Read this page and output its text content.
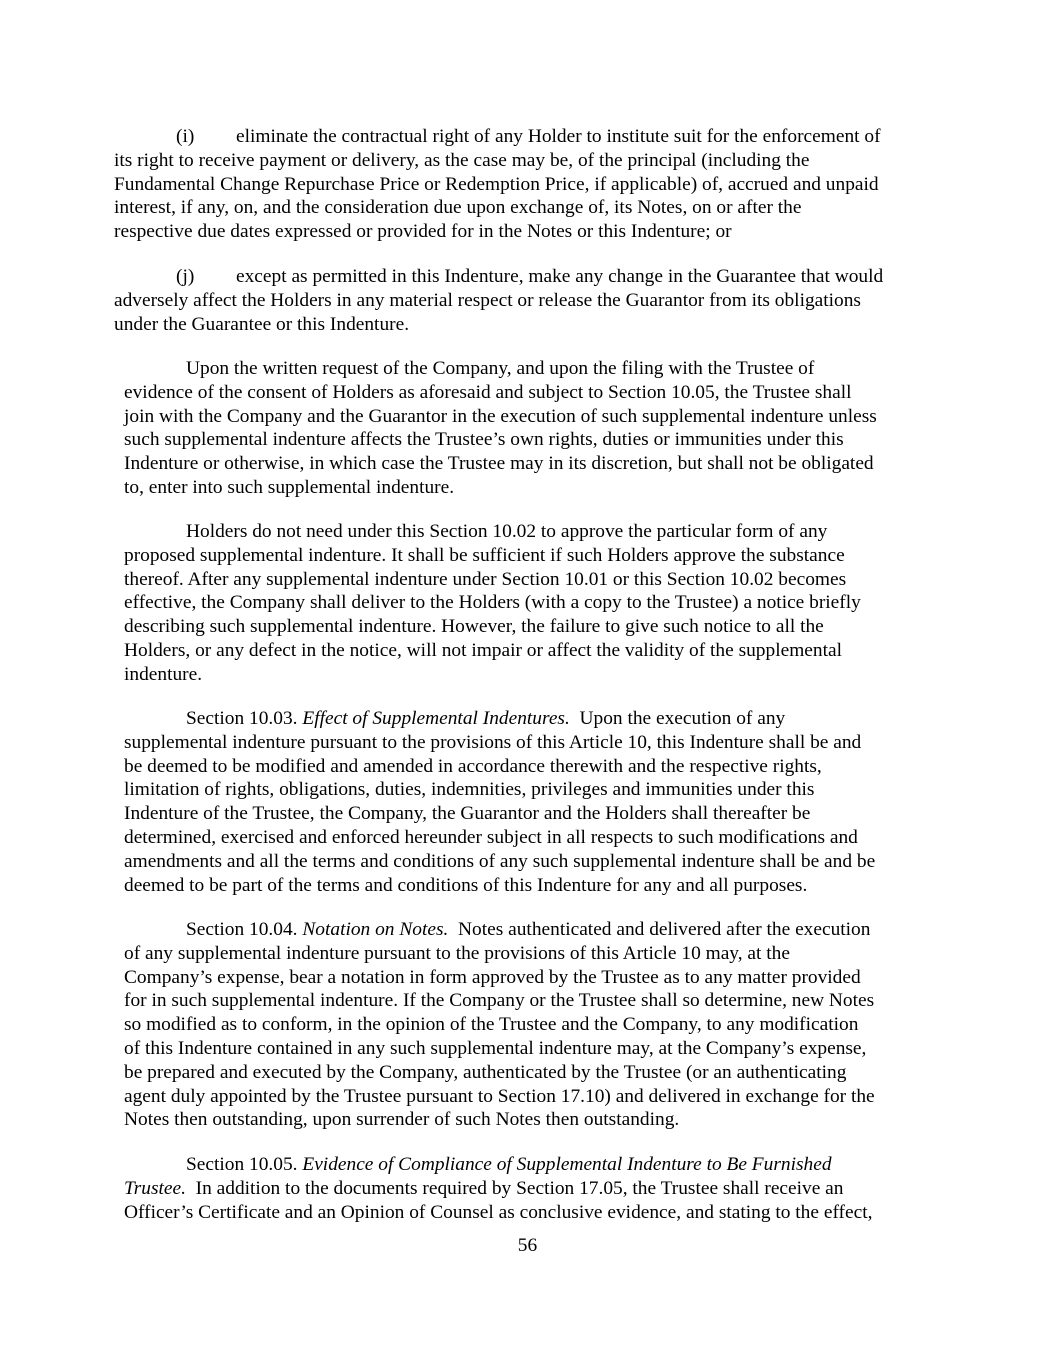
(i) eliminate the contractual right of any Holder to institute suit for the enforcement of
its right to receive payment or delivery, as the case may be, of the principal (including the
Fundamental Change Repurchase Price or Redemption Price, if applicable) of, accrued and unpaid
interest, if any, on, and the consideration due upon exchange of, its Notes, on or after the
respective due dates expressed or provided for in the Notes or this Indenture; or
(j) except as permitted in this Indenture, make any change in the Guarantee that would
adversely affect the Holders in any material respect or release the Guarantor from its obligations
under the Guarantee or this Indenture.
Upon the written request of the Company, and upon the filing with the Trustee of
evidence of the consent of Holders as aforesaid and subject to Section 10.05, the Trustee shall
join with the Company and the Guarantor in the execution of such supplemental indenture unless
such supplemental indenture affects the Trustee’s own rights, duties or immunities under this
Indenture or otherwise, in which case the Trustee may in its discretion, but shall not be obligated
to, enter into such supplemental indenture.
Holders do not need under this Section 10.02 to approve the particular form of any
proposed supplemental indenture. It shall be sufficient if such Holders approve the substance
thereof. After any supplemental indenture under Section 10.01 or this Section 10.02 becomes
effective, the Company shall deliver to the Holders (with a copy to the Trustee) a notice briefly
describing such supplemental indenture. However, the failure to give such notice to all the
Holders, or any defect in the notice, will not impair or affect the validity of the supplemental
indenture.
Section 10.03. Effect of Supplemental Indentures. Upon the execution of any
supplemental indenture pursuant to the provisions of this Article 10, this Indenture shall be and
be deemed to be modified and amended in accordance therewith and the respective rights,
limitation of rights, obligations, duties, indemnities, privileges and immunities under this
Indenture of the Trustee, the Company, the Guarantor and the Holders shall thereafter be
determined, exercised and enforced hereunder subject in all respects to such modifications and
amendments and all the terms and conditions of any such supplemental indenture shall be and be
deemed to be part of the terms and conditions of this Indenture for any and all purposes.
Section 10.04. Notation on Notes. Notes authenticated and delivered after the execution
of any supplemental indenture pursuant to the provisions of this Article 10 may, at the
Company’s expense, bear a notation in form approved by the Trustee as to any matter provided
for in such supplemental indenture. If the Company or the Trustee shall so determine, new Notes
so modified as to conform, in the opinion of the Trustee and the Company, to any modification
of this Indenture contained in any such supplemental indenture may, at the Company’s expense,
be prepared and executed by the Company, authenticated by the Trustee (or an authenticating
agent duly appointed by the Trustee pursuant to Section 17.10) and delivered in exchange for the
Notes then outstanding, upon surrender of such Notes then outstanding.
Section 10.05. Evidence of Compliance of Supplemental Indenture to Be Furnished
Trustee. In addition to the documents required by Section 17.05, the Trustee shall receive an
Officer’s Certificate and an Opinion of Counsel as conclusive evidence, and stating to the effect,
56
